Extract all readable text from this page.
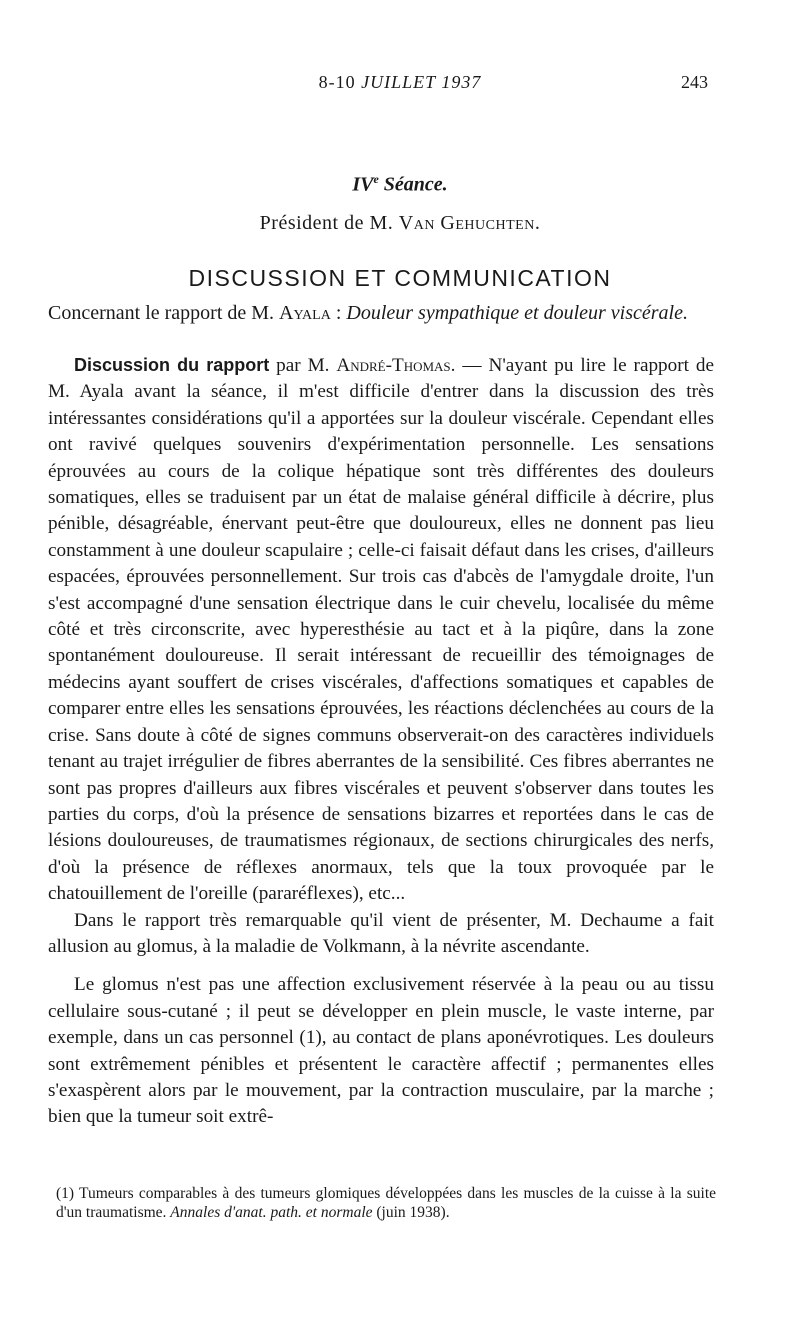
8-10 JUILLET 1937	243
IVe Séance.
Président de M. Van Gehuchten.
DISCUSSION ET COMMUNICATION
Concernant le rapport de M. Ayala : Douleur sympathique et douleur viscérale.

Discussion du rapport par M. André-Thomas. — N'ayant pu lire le rapport de M. Ayala avant la séance, il m'est difficile d'entrer dans la discussion des très intéressantes considérations qu'il a apportées sur la douleur viscérale. Cependant elles ont ravivé quelques souvenirs d'expérimentation personnelle. Les sensations éprouvées au cours de la colique hépatique sont très différentes des douleurs somatiques, elles se traduisent par un état de malaise général difficile à décrire, plus pénible, désagréable, énervant peut-être que douloureux, elles ne donnent pas lieu constamment à une douleur scapulaire ; celle-ci faisait défaut dans les crises, d'ailleurs espacées, éprouvées personnellement. Sur trois cas d'abcès de l'amygdale droite, l'un s'est accompagné d'une sensation électrique dans le cuir chevelu, localisée du même côté et très circonscrite, avec hyperesthésie au tact et à la piqûre, dans la zone spontanément douloureuse. Il serait intéressant de recueillir des témoignages de médecins ayant souffert de crises viscérales, d'affections somatiques et capables de comparer entre elles les sensations éprouvées, les réactions déclenchées au cours de la crise. Sans doute à côté de signes communs observerait-on des caractères individuels tenant au trajet irrégulier de fibres aberrantes de la sensibilité. Ces fibres aberrantes ne sont pas propres d'ailleurs aux fibres viscérales et peuvent s'observer dans toutes les parties du corps, d'où la présence de sensations bizarres et reportées dans le cas de lésions douloureuses, de traumatismes régionaux, de sections chirurgicales des nerfs, d'où la présence de réflexes anormaux, tels que la toux provoquée par le chatouillement de l'oreille (pararéflexes), etc...

Dans le rapport très remarquable qu'il vient de présenter, M. Dechaume a fait allusion au glomus, à la maladie de Volkmann, à la névrite ascendante.

Le glomus n'est pas une affection exclusivement réservée à la peau ou au tissu cellulaire sous-cutané ; il peut se développer en plein muscle, le vaste interne, par exemple, dans un cas personnel (1), au contact de plans aponévrotiques. Les douleurs sont extrêmement pénibles et présentent le caractère affectif ; permanentes elles s'exaspèrent alors par le mouvement, par la contraction musculaire, par la marche ; bien que la tumeur soit extrê-

(1) Tumeurs comparables à des tumeurs glomiques développées dans les muscles de la cuisse à la suite d'un traumatisme. Annales d'anat. path. et normale (juin 1938).
